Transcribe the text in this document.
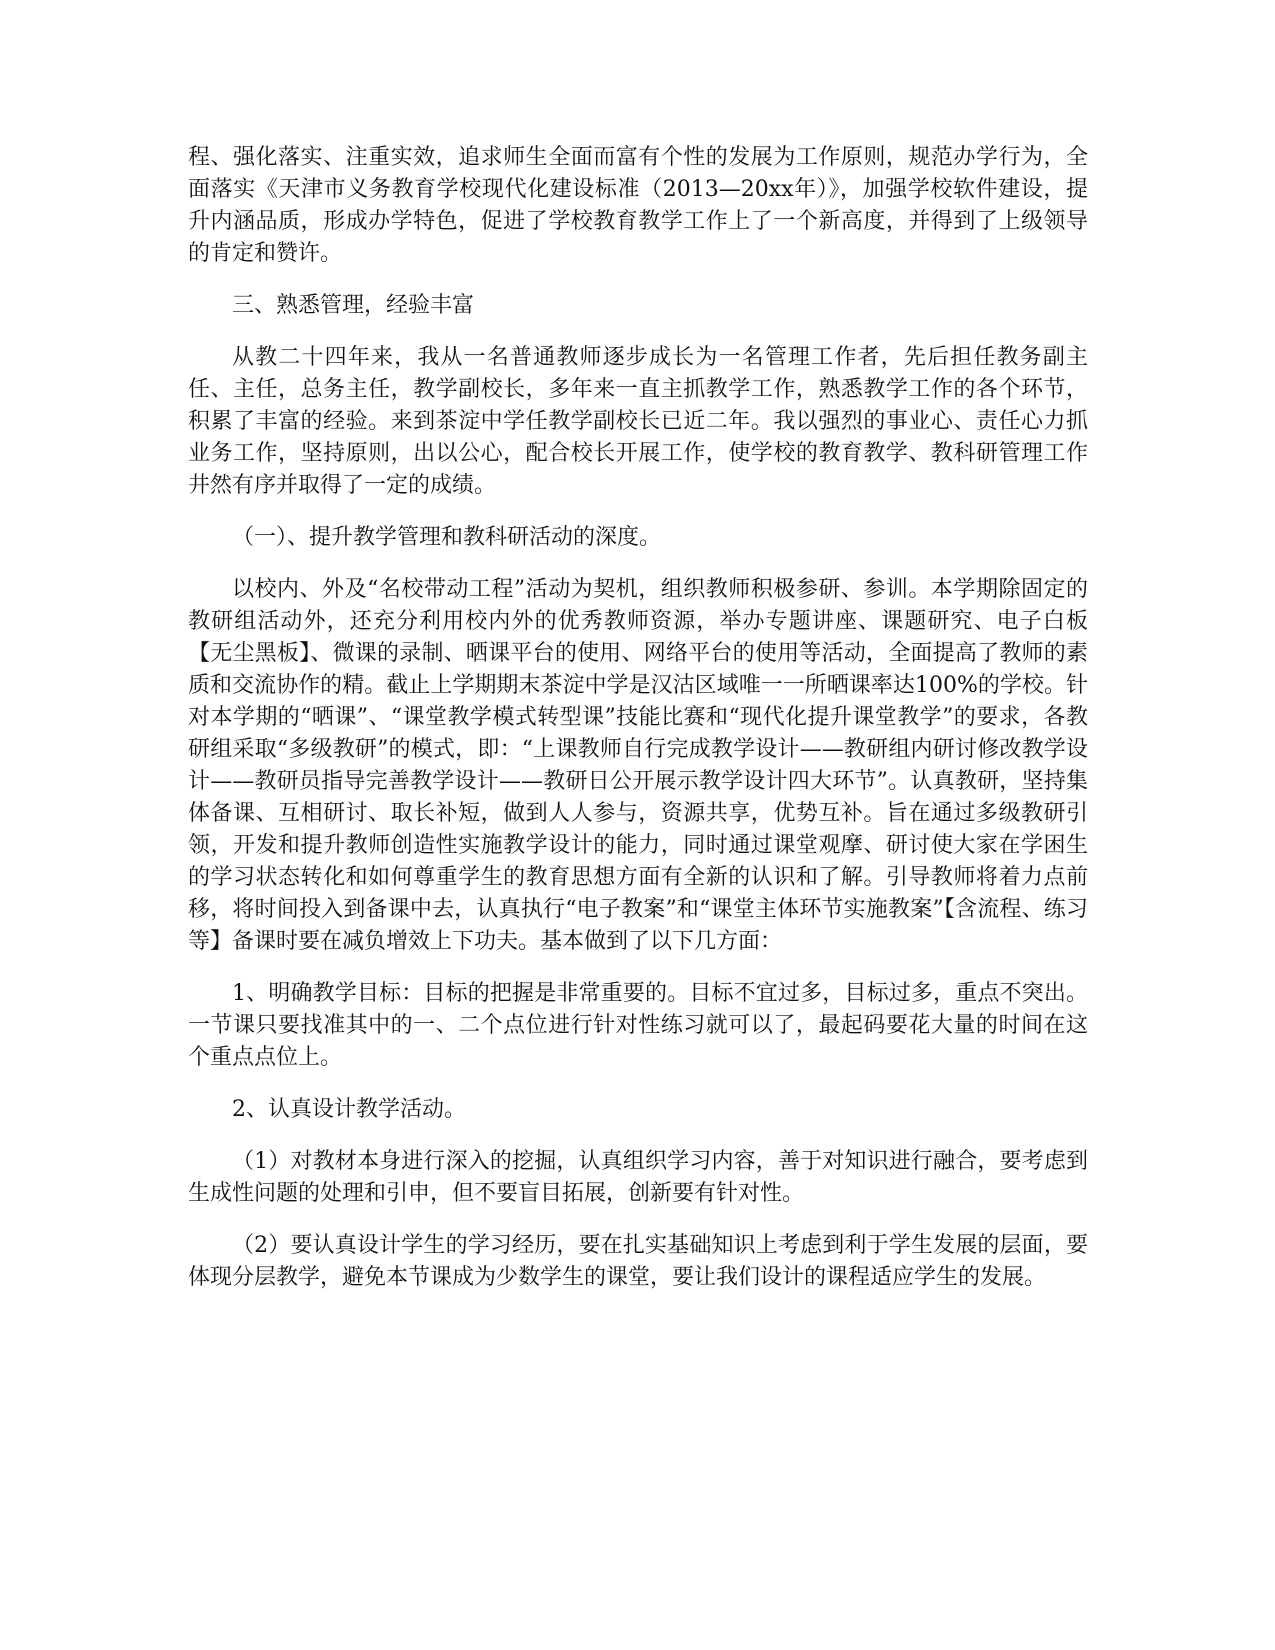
程、强化落实、注重实效，追求师生全面而富有个性的发展为工作原则，规范办学行为，全面落实《天津市义务教育学校现代化建设标准（2013—20xx年）》，加强学校软件建设，提升内涵品质，形成办学特色，促进了学校教育教学工作上了一个新高度，并得到了上级领导的肯定和赞许。

三、熟悉管理，经验丰富

从教二十四年来，我从一名普通教师逐步成长为一名管理工作者，先后担任教务副主任、主任，总务主任，教学副校长，多年来一直主抓教学工作，熟悉教学工作的各个环节，积累了丰富的经验。来到茶淀中学任教学副校长已近二年。我以强烈的事业心、责任心力抓业务工作，坚持原则，出以公心，配合校长开展工作，使学校的教育教学、教科研管理工作井然有序并取得了一定的成绩。

（一）、提升教学管理和教科研活动的深度。

以校内、外及“名校带动工程”活动为契机，组织教师积极参研、参训。本学期除固定的教研组活动外，还充分利用校内外的优秀教师资源，举办专题讲座、课题研究、电子白板【无尘黑板】、微课的录制、晒课平台的使用、网络平台的使用等活动，全面提高了教师的素质和交流协作的精。截止上学期期末茶淀中学是汉沽区域唯一一所晒课率达100%的学校。针对本学期的“晒课”、“课堂教学模式转型课”技能比赛和“现代化提升课堂教学”的要求，各教研组采取“多级教研”的模式，即：“上课教师自行完成教学设计——教研组内研讨修改教学设计——教研员指导完善教学设计——教研日公开展示教学设计四大环节”。认真教研，坚持集体备课、互相研讨、取长补短，做到人人参与，资源共享，优势互补。旨在通过多级教研引领，开发和提升教师创造性实施教学设计的能力，同时通过课堂观摩、研讨使大家在学困生的学习状态转化和如何尊重学生的教育思想方面有全新的认识和了解。引导教师将着力点前移，将时间投入到备课中去，认真执行“电子教案”和“课堂主体环节实施教案”【含流程、练习等】备课时要在减负增效上下功夫。基本做到了以下几方面：

1、明确教学目标：目标的把握是非常重要的。目标不宜过多，目标过多，重点不突出。一节课只要找准其中的一、二个点位进行针对性练习就可以了，最起码要花大量的时间在这个重点点位上。

2、认真设计教学活动。

（1）对教材本身进行深入的挖掘，认真组织学习内容，善于对知识进行融合，要考虑到生成性问题的处理和引申，但不要盲目拓展，创新要有针对性。

（2）要认真设计学生的学习经历，要在扎实基础知识上考虑到利于学生发展的层面，要体现分层教学，避免本节课成为少数学生的课堂，要让我们设计的课程适应学生的发展。
